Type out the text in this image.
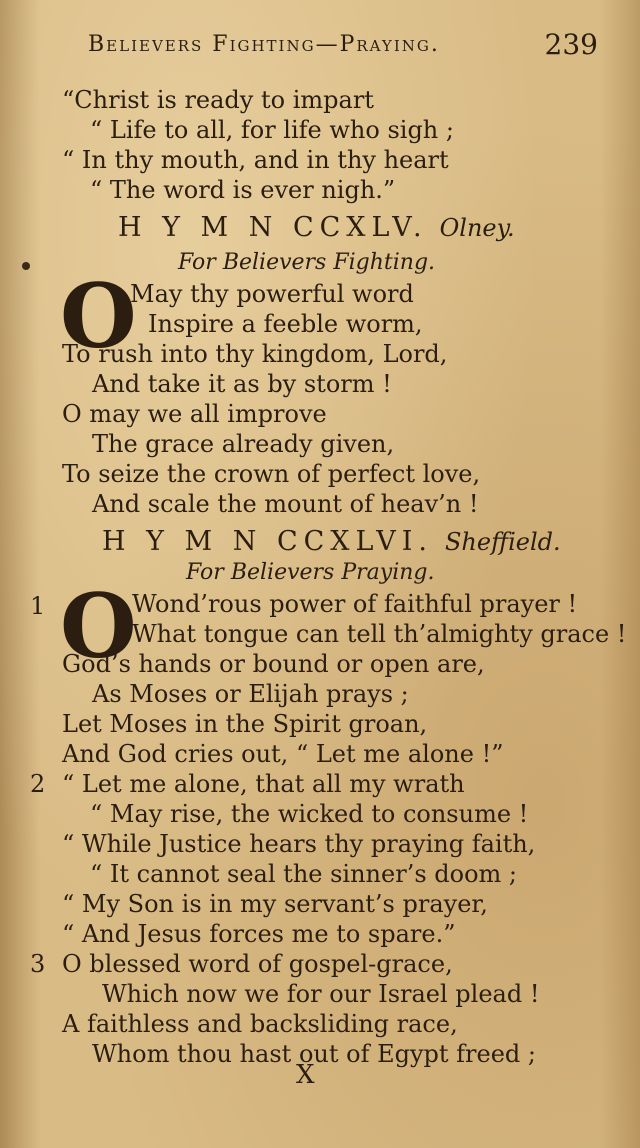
Believers Fighting—Praying.	239
“Christ is ready to impart
“ Life to all, for life who sigh ;
“ In thy mouth, and in thy heart
“ The word is ever nigh.”
H Y M N CCXLV. Olney.
For Believers Fighting.
O
May thy powerful word
Inspire a feeble worm,
To rush into thy kingdom, Lord,
And take it as by storm !
O may we all improve
The grace already given,
To seize the crown of perfect love,
And scale the mount of heav’n !
H Y M N CCXLVI. Sheffield.
For Believers Praying.
1 O
Wond’rous power of faithful prayer !
What tongue can tell th’almighty grace !
God’s hands or bound or open are,
As Moses or Elijah prays ;
Let Moses in the Spirit groan,
And God cries out, “ Let me alone !”
2 “ Let me alone, that all my wrath
“ May rise, the wicked to consume !
“ While Justice hears thy praying faith,
“ It cannot seal the sinner’s doom ;
“ My Son is in my servant’s prayer,
“ And Jesus forces me to spare.”
3 O blessed word of gospel-grace,
Which now we for our Israel plead !
A faithless and backsliding race,
Whom thou hast out of Egypt freed ;
X
